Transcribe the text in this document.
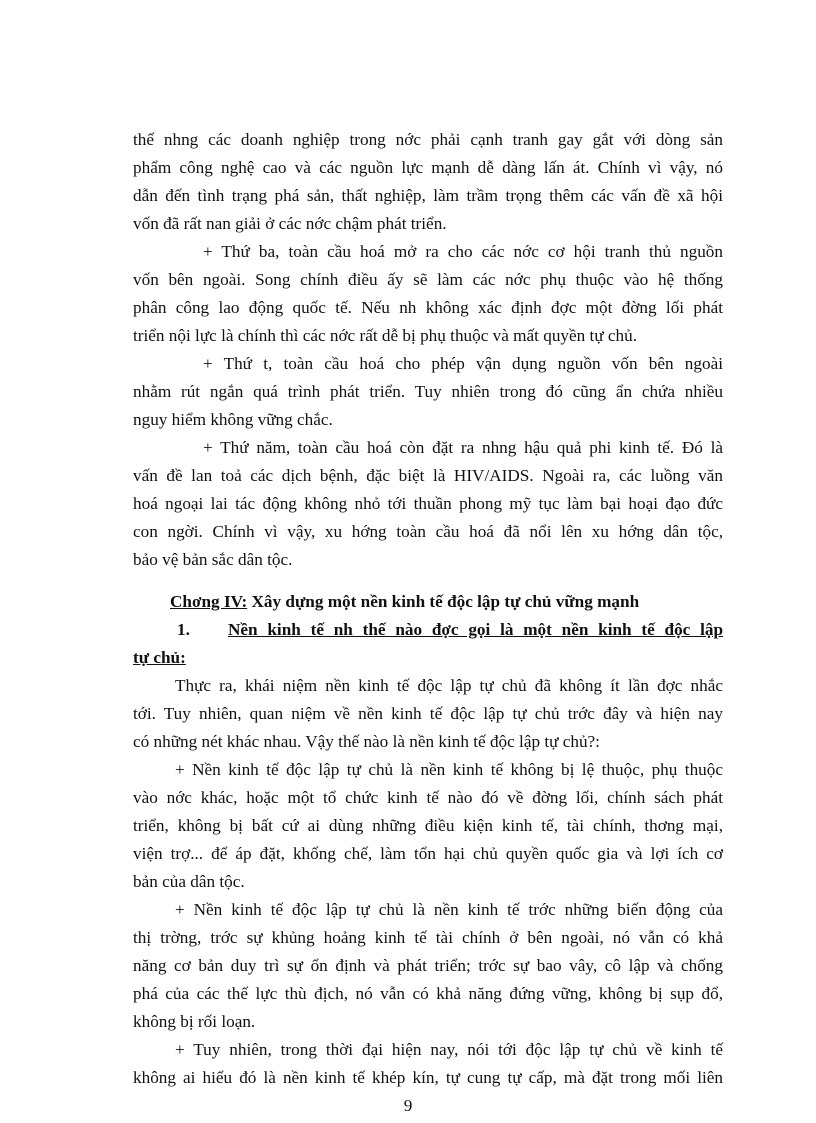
thế nhng các doanh nghiệp trong nớc phải cạnh tranh gay gắt với dòng sản
phẩm công nghệ cao và các nguồn lực mạnh dễ dàng lấn át. Chính vì vậy, nó
dẫn đến tình trạng phá sản, thất nghiệp, làm trầm trọng thêm các vấn đề xã hội
vốn đã rất nan giải ở các nớc chậm phát triển.
+ Thứ ba, toàn cầu hoá mở ra cho các nớc cơ hội tranh thủ nguồn
vốn bên ngoài. Song chính điều ấy sẽ làm các nớc phụ thuộc vào hệ thống
phân công lao động quốc tế. Nếu nh không xác định đợc một đờng lối phát
triển nội lực là chính thì các nớc rất dễ bị phụ thuộc và mất quyền tự chủ.
+ Thứ t, toàn cầu hoá cho phép vận dụng nguồn vốn bên ngoài
nhằm rút ngắn quá trình phát triển. Tuy nhiên trong đó cũng ẩn chứa nhiều
nguy hiểm không vững chắc.
+ Thứ năm, toàn cầu hoá còn đặt ra nhng hậu quả phi kinh tế. Đó là
vấn đề lan toả các dịch bệnh, đặc biệt là HIV/AIDS. Ngoài ra, các luồng văn
hoá ngoại lai tác động không nhỏ tới thuần phong mỹ tục làm bại hoại đạo đức
con ngời. Chính vì vậy, xu hớng toàn cầu hoá đã nổi lên xu hớng dân tộc,
bảo vệ bản sắc dân tộc.
Chơng IV: Xây dựng một nền kinh tế độc lập tự chủ vững mạnh
1.	Nền kinh tế nh thế nào đợc gọi là một nền kinh tế độc lập
tự chủ:
Thực ra, khái niệm nền kinh tế độc lập tự chủ đã không ít lần đợc nhắc
tới. Tuy nhiên, quan niệm về nền kinh tế độc lập tự chủ trớc đây và hiện nay
có những nét khác nhau. Vậy thế nào là nền kinh tế độc lập tự chủ?:
+ Nền kinh tế độc lập tự chủ là nền kinh tế không bị lệ thuộc, phụ thuộc
vào nớc khác, hoặc một tổ chức kinh tế nào đó về đờng lối, chính sách phát
triển, không bị bất cứ ai dùng những điều kiện kinh tế, tài chính, thơng mại,
viện trợ... để áp đặt, khống chế, làm tổn hại chủ quyền quốc gia và lợi ích cơ
bản của dân tộc.
+ Nền kinh tế độc lập tự chủ là nền kinh tế trớc những biến động của
thị trờng, trớc sự khủng hoảng kinh tế tài chính ở bên ngoài, nó vẫn có khả
năng cơ bản duy trì sự ổn định và phát triển; trớc sự bao vây, cô lập và chống
phá của các thế lực thù địch, nó vẫn có khả năng đứng vững, không bị sụp đổ,
không bị rối loạn.
+ Tuy nhiên, trong thời đại hiện nay, nói tới độc lập tự chủ về kinh tế
không ai hiểu đó là nền kinh tế khép kín, tự cung tự cấp, mà đặt trong mối liên
9
